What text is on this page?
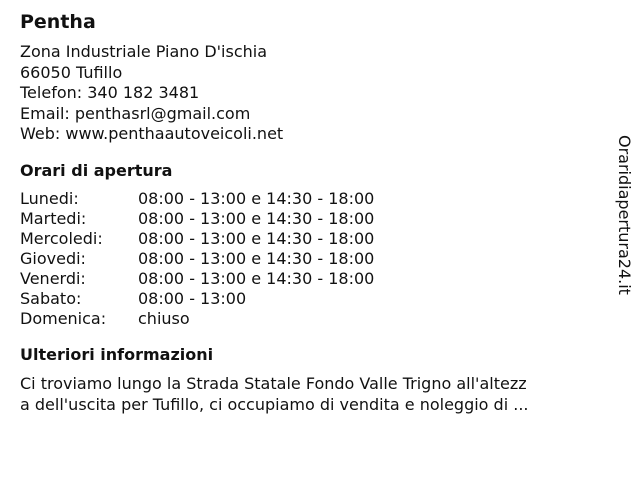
Pentha
Zona Industriale Piano D'ischia
66050 Tufillo
Telefon: 340 182 3481
Email: penthasrl@gmail.com
Web: www.penthaautoveicoli.net
Orari di apertura
Lunedi:	08:00 - 13:00 e 14:30 - 18:00
Martedi:	08:00 - 13:00 e 14:30 - 18:00
Mercoledi:	08:00 - 13:00 e 14:30 - 18:00
Giovedi:	08:00 - 13:00 e 14:30 - 18:00
Venerdi:	08:00 - 13:00 e 14:30 - 18:00
Sabato:	08:00 - 13:00
Domenica:	chiuso
Ulteriori informazioni
Ci troviamo lungo la Strada Statale Fondo Valle Trigno all'altezz
a dell'uscita per Tufillo, ci occupiamo di vendita e noleggio di ...
Oraridiapertura24.it
